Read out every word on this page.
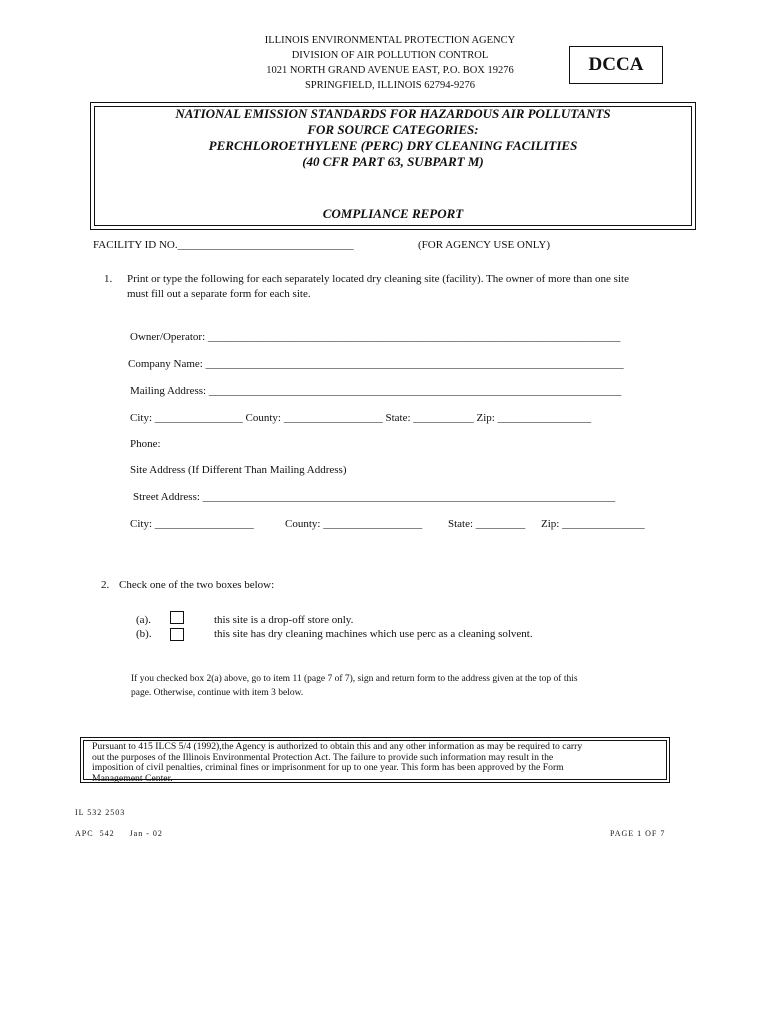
ILLINOIS ENVIRONMENTAL PROTECTION AGENCY
DIVISION OF AIR POLLUTION CONTROL
1021 NORTH GRAND AVENUE EAST, P.O. BOX 19276
SPRINGFIELD, ILLINOIS 62794-9276
DCCA
NATIONAL EMISSION STANDARDS FOR HAZARDOUS AIR POLLUTANTS
FOR SOURCE CATEGORIES:
PERCHLOROETHYLENE (PERC) DRY CLEANING FACILITIES
(40 CFR PART 63, SUBPART M)
COMPLIANCE REPORT
FACILITY ID NO.________________________________	(FOR AGENCY USE ONLY)
1. Print or type the following for each separately located dry cleaning site (facility). The owner of more than one site
must fill out a separate form for each site.
Owner/Operator: ___________________________________________________________________________
Company Name: ____________________________________________________________________________
Mailing Address: ___________________________________________________________________________
City: ________________ County: __________________ State: ___________ Zip: _________________
Phone:
Site Address (If Different Than Mailing Address)
Street Address: ___________________________________________________________________________
City: __________________	County: __________________ State: _________ Zip: _______________
2. Check one of the two boxes below:
(a).	this site is a drop-off store only.
(b).	this site has dry cleaning machines which use perc as a cleaning solvent.
If you checked box 2(a) above, go to item 11 (page 7 of 7), sign and return form to the address given at the top of this
page. Otherwise, continue with item 3 below.
Pursuant to 415 ILCS 5/4 (1992),the Agency is authorized to obtain this and any other information as may be required to carry
out the purposes of the Illinois Environmental Protection Act. The failure to provide such information may result in the
imposition of civil penalties, criminal fines or imprisonment for up to one year. This form has been approved by the Form
Management Center.
IL 532 2503
APC  542     Jan - 02	PAGE 1 OF 7
